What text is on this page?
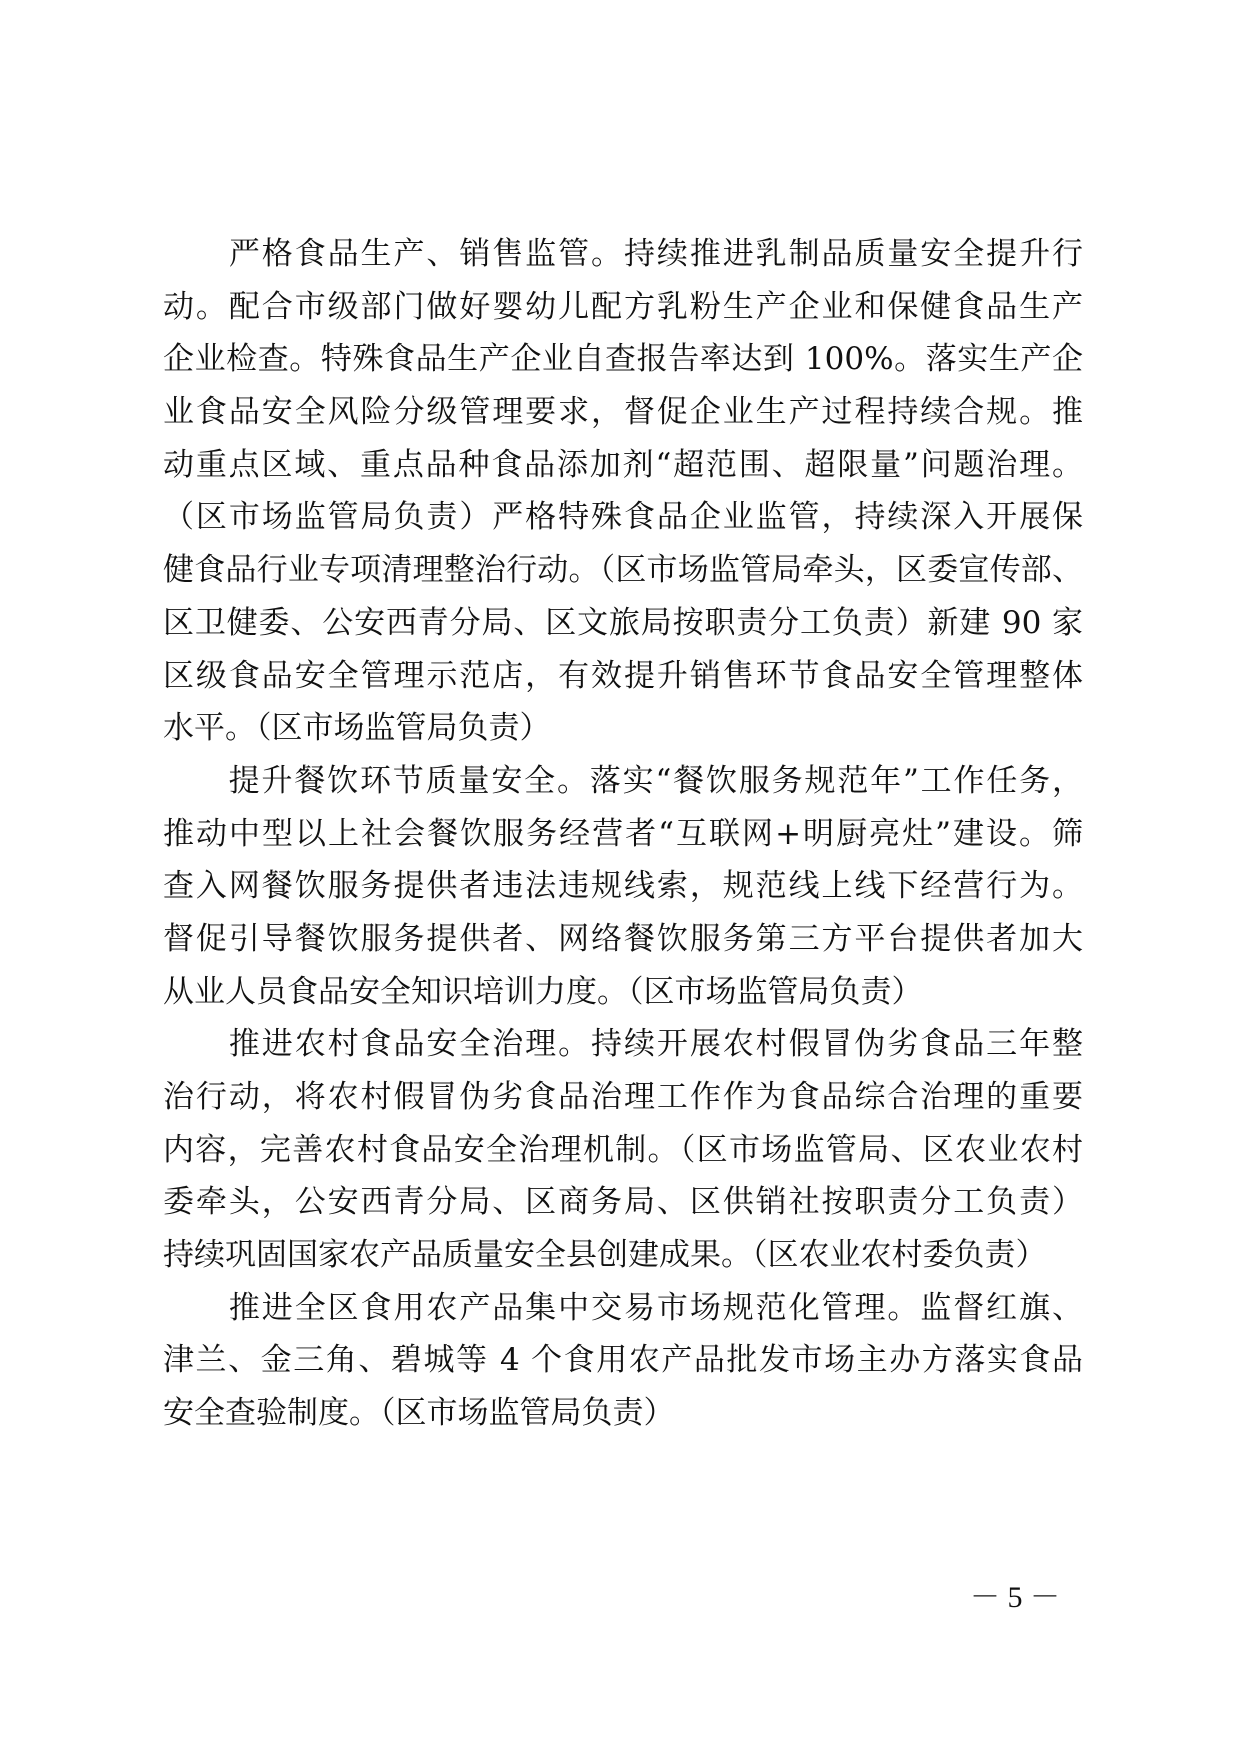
　　严格食品生产、销售监管。持续推进乳制品质量安全提升行
动。配合市级部门做好婴幼儿配方乳粉生产企业和保健食品生产
企业检查。特殊食品生产企业自查报告率达到 100%。落实生产企
业食品安全风险分级管理要求，督促企业生产过程持续合规。推
动重点区域、重点品种食品添加剂“超范围、超限量”问题治理。
（区市场监管局负责）严格特殊食品企业监管，持续深入开展保
健食品行业专项清理整治行动。（区市场监管局牵头，区委宣传部、
区卫健委、公安西青分局、区文旅局按职责分工负责）新建 90 家
区级食品安全管理示范店，有效提升销售环节食品安全管理整体
水平。（区市场监管局负责）
　　提升餐饮环节质量安全。落实“餐饮服务规范年”工作任务，
推动中型以上社会餐饮服务经营者“互联网+明厨亮灶”建设。筛
查入网餐饮服务提供者违法违规线索，规范线上线下经营行为。
督促引导餐饮服务提供者、网络餐饮服务第三方平台提供者加大
从业人员食品安全知识培训力度。（区市场监管局负责）
　　推进农村食品安全治理。持续开展农村假冒伪劣食品三年整
治行动，将农村假冒伪劣食品治理工作作为食品综合治理的重要
内容，完善农村食品安全治理机制。（区市场监管局、区农业农村
委牵头，公安西青分局、区商务局、区供销社按职责分工负责）
持续巩固国家农产品质量安全县创建成果。（区农业农村委负责）
　　推进全区食用农产品集中交易市场规范化管理。监督红旗、
津兰、金三角、碧城等 4 个食用农产品批发市场主办方落实食品
安全查验制度。（区市场监管局负责）
－ 5 －
